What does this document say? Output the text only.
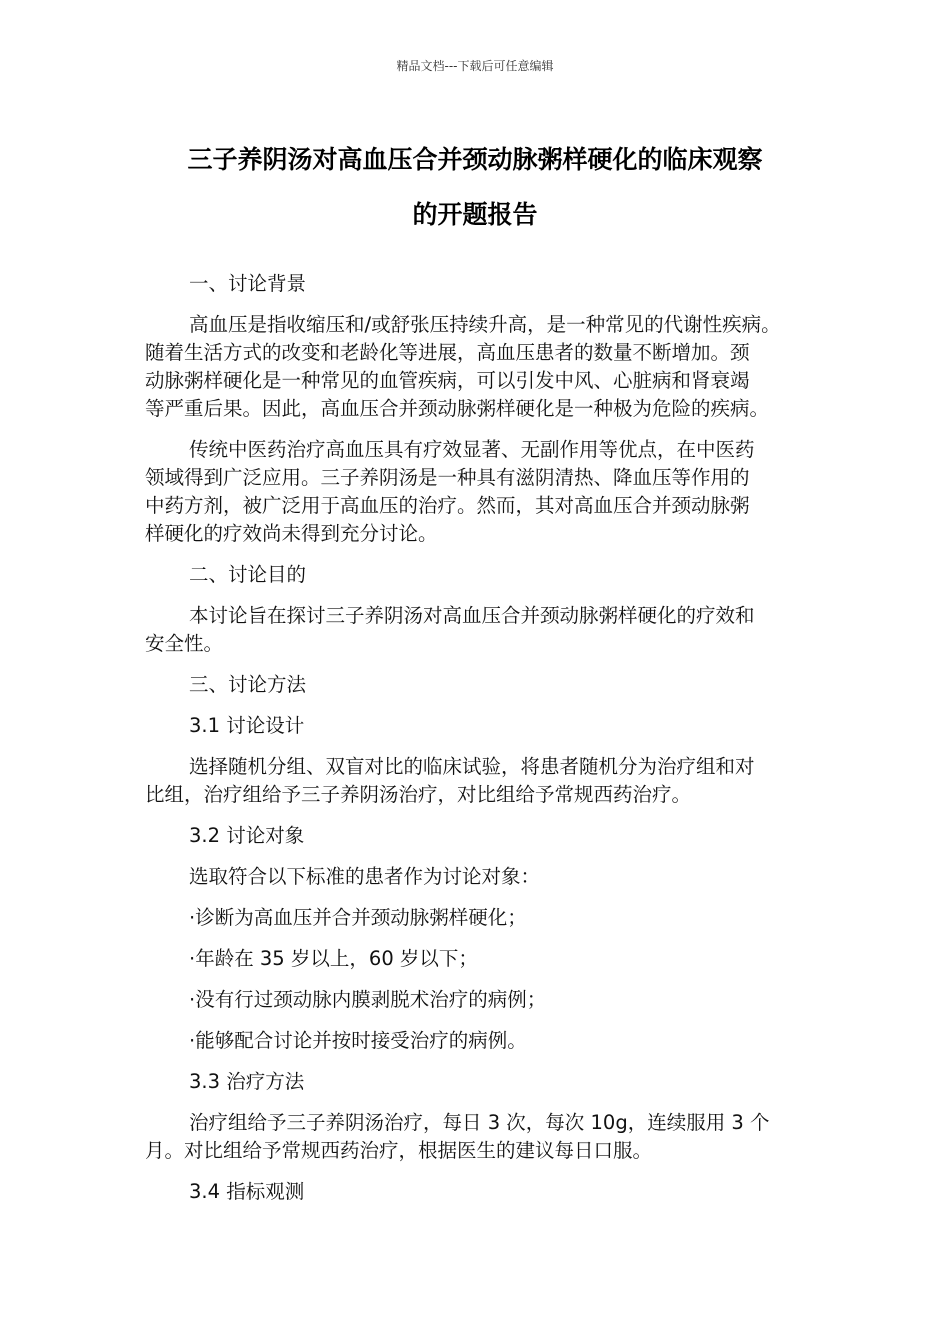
精品文档---下载后可任意编辑
三子养阴汤对高血压合并颈动脉粥样硬化的临床观察
的开题报告

一、讨论背景

高血压是指收缩压和/或舒张压持续升高，是一种常见的代谢性疾病。

随着生活方式的改变和老龄化等进展，高血压患者的数量不断增加。颈

动脉粥样硬化是一种常见的血管疾病，可以引发中风、心脏病和肾衰竭

等严重后果。因此，高血压合并颈动脉粥样硬化是一种极为危险的疾病。

传统中医药治疗高血压具有疗效显著、无副作用等优点，在中医药

领域得到广泛应用。三子养阴汤是一种具有滋阴清热、降血压等作用的

中药方剂，被广泛用于高血压的治疗。然而，其对高血压合并颈动脉粥

样硬化的疗效尚未得到充分讨论。

二、讨论目的

本讨论旨在探讨三子养阴汤对高血压合并颈动脉粥样硬化的疗效和

安全性。

三、讨论方法

3.1 讨论设计

选择随机分组、双盲对比的临床试验，将患者随机分为治疗组和对

比组，治疗组给予三子养阴汤治疗，对比组给予常规西药治疗。

3.2 讨论对象

选取符合以下标准的患者作为讨论对象：

·诊断为高血压并合并颈动脉粥样硬化；

·年龄在 35 岁以上，60 岁以下；

·没有行过颈动脉内膜剥脱术治疗的病例；

·能够配合讨论并按时接受治疗的病例。

3.3 治疗方法

治疗组给予三子养阴汤治疗，每日 3 次，每次 10g，连续服用 3 个

月。对比组给予常规西药治疗，根据医生的建议每日口服。

3.4 指标观测
